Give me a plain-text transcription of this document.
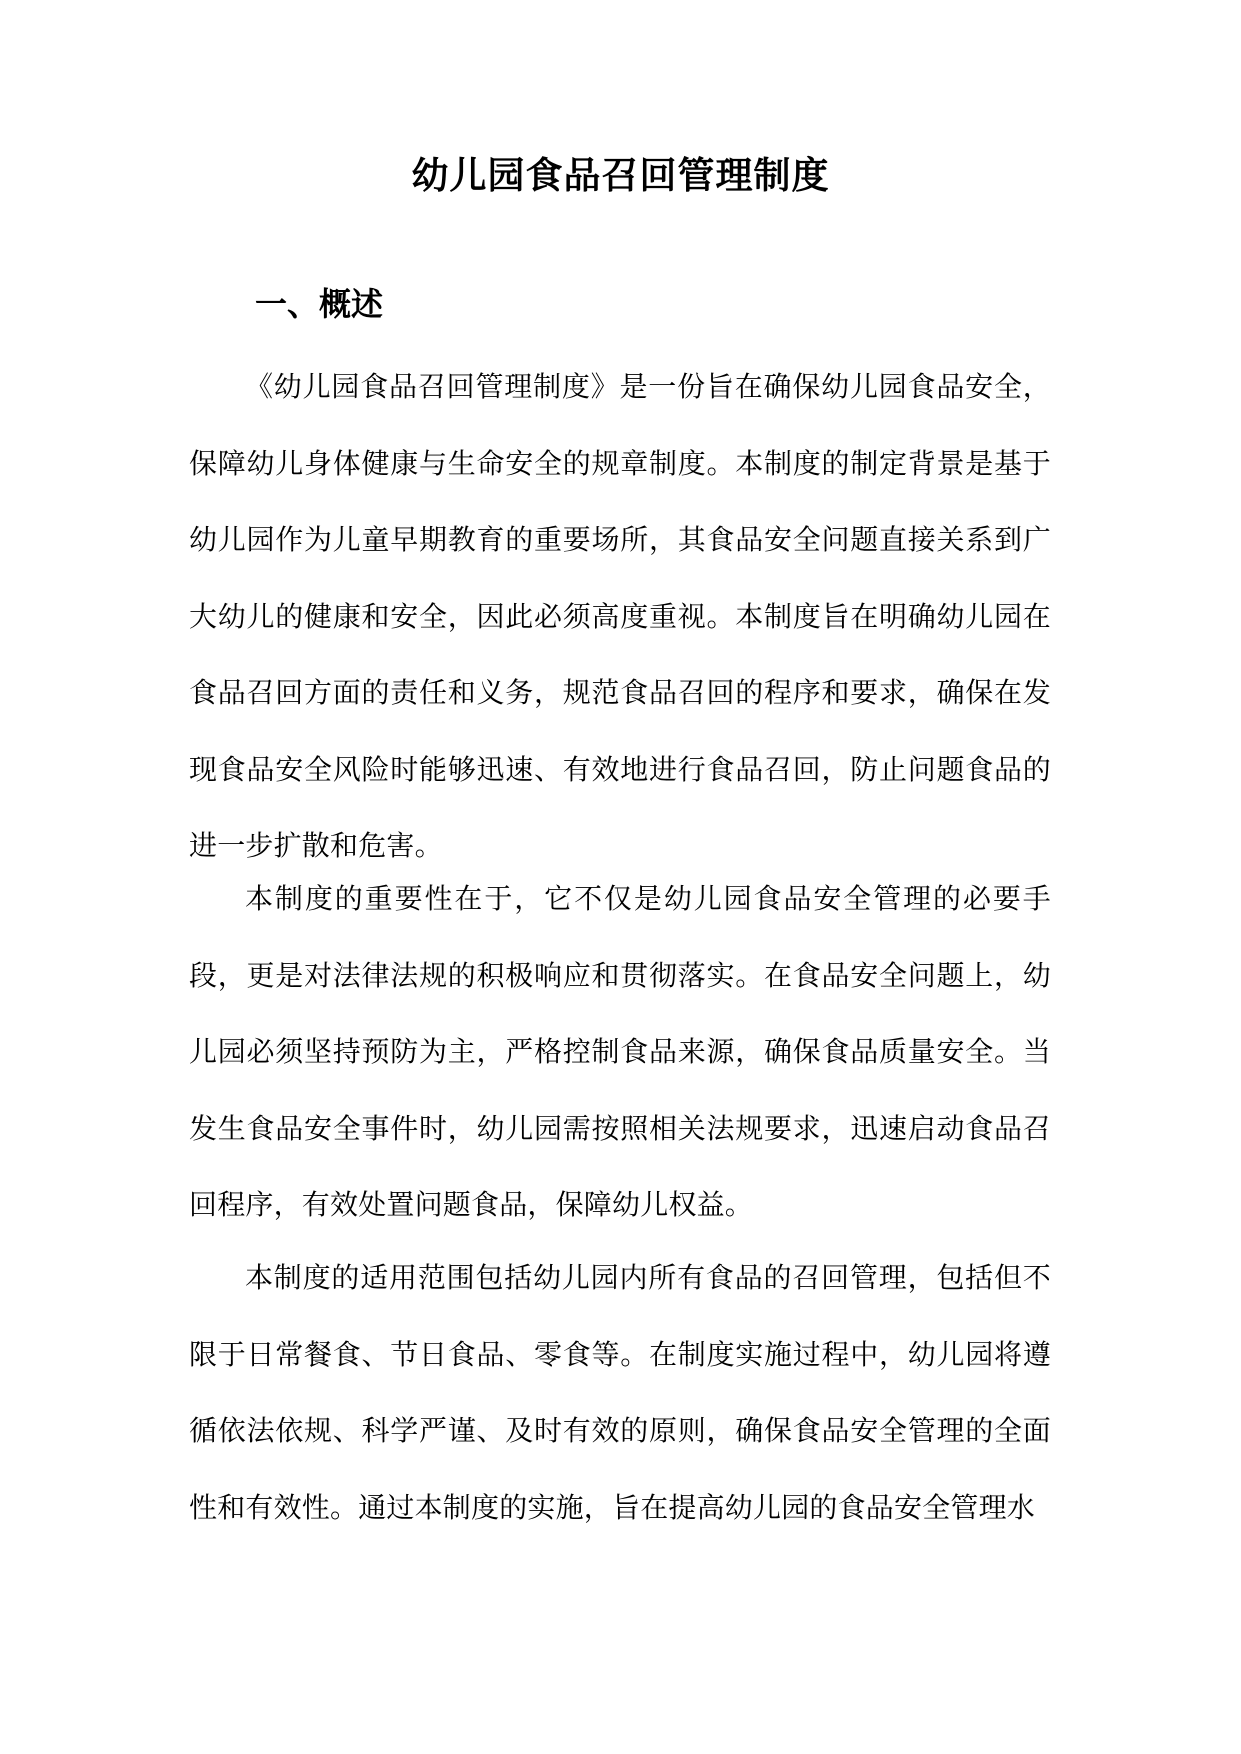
幼儿园食品召回管理制度
一、概述

《幼儿园食品召回管理制度》是一份旨在确保幼儿园食品安全，保障幼儿身体健康与生命安全的规章制度。本制度的制定背景是基于幼儿园作为儿童早期教育的重要场所，其食品安全问题直接关系到广大幼儿的健康和安全，因此必须高度重视。本制度旨在明确幼儿园在食品召回方面的责任和义务，规范食品召回的程序和要求，确保在发现食品安全风险时能够迅速、有效地进行食品召回，防止问题食品的进一步扩散和危害。

本制度的重要性在于，它不仅是幼儿园食品安全管理的必要手段，更是对法律法规的积极响应和贯彻落实。在食品安全问题上，幼儿园必须坚持预防为主，严格控制食品来源，确保食品质量安全。当发生食品安全事件时，幼儿园需按照相关法规要求，迅速启动食品召回程序，有效处置问题食品，保障幼儿权益。

本制度的适用范围包括幼儿园内所有食品的召回管理，包括但不限于日常餐食、节日食品、零食等。在制度实施过程中，幼儿园将遵循依法依规、科学严谨、及时有效的原则，确保食品安全管理的全面性和有效性。通过本制度的实施，旨在提高幼儿园的食品安全管理水
